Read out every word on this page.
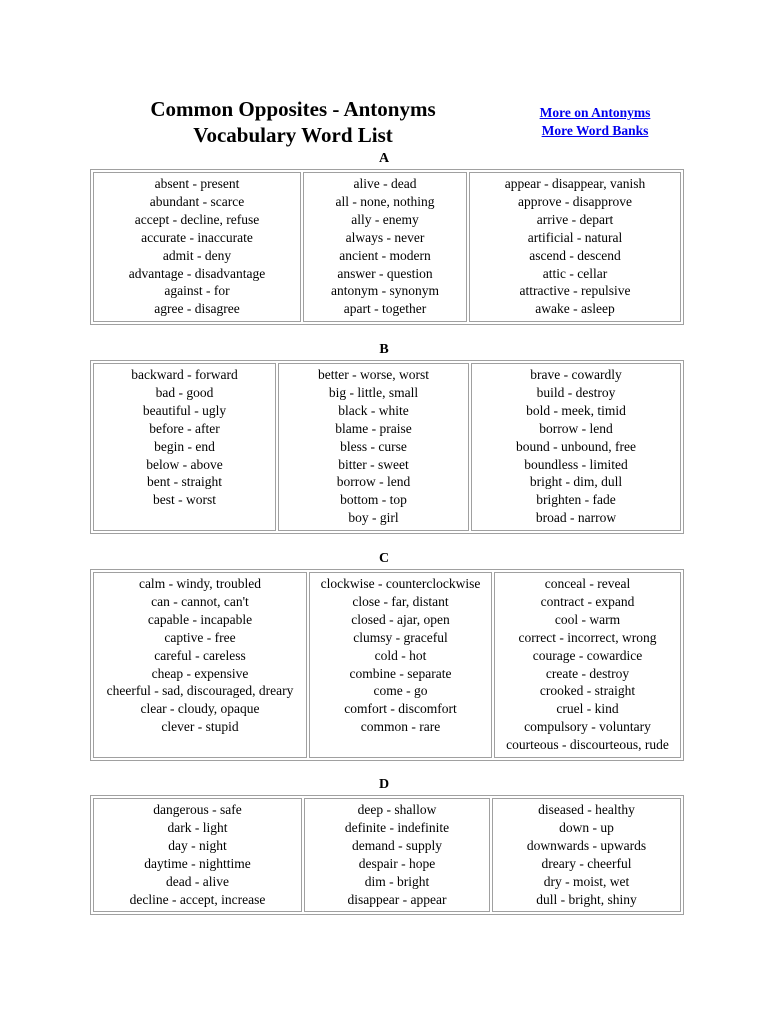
Common Opposites - Antonyms
Vocabulary Word List
More on Antonyms
More Word Banks
A
absent - present
abundant - scarce
accept - decline, refuse
accurate - inaccurate
admit - deny
advantage - disadvantage
against - for
agree - disagree

alive - dead
all - none, nothing
ally - enemy
always - never
ancient - modern
answer - question
antonym - synonym
apart - together

appear - disappear, vanish
approve - disapprove
arrive - depart
artificial - natural
ascend - descend
attic - cellar
attractive - repulsive
awake - asleep
B
backward - forward
bad - good
beautiful - ugly
before - after
begin - end
below - above
bent - straight
best - worst

better - worse, worst
big - little, small
black - white
blame - praise
bless - curse
bitter - sweet
borrow - lend
bottom - top
boy - girl

brave - cowardly
build - destroy
bold - meek, timid
borrow - lend
bound - unbound, free
boundless - limited
bright - dim, dull
brighten - fade
broad - narrow
C
calm - windy, troubled
can - cannot, can't
capable - incapable
captive - free
careful - careless
cheap - expensive
cheerful - sad, discouraged, dreary
clear - cloudy, opaque
clever - stupid

clockwise - counterclockwise
close - far, distant
closed - ajar, open
clumsy - graceful
cold - hot
combine - separate
come - go
comfort - discomfort
common - rare

conceal - reveal
contract - expand
cool - warm
correct - incorrect, wrong
courage - cowardice
create - destroy
crooked - straight
cruel - kind
compulsory - voluntary
courteous - discourteous, rude
D
dangerous - safe
dark - light
day - night
daytime - nighttime
dead - alive
decline - accept, increase

deep - shallow
definite - indefinite
demand - supply
despair - hope
dim - bright
disappear - appear

diseased - healthy
down - up
downwards - upwards
dreary - cheerful
dry - moist, wet
dull - bright, shiny
